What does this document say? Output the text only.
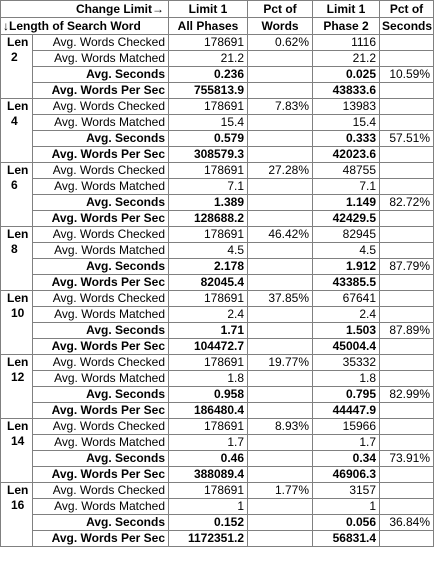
Change Limit→		Limit 1	Pct of	Limit 1	Pct of
↓Length of Search Word		All Phases	Words	Phase 2	Seconds

Len
2	Avg. Words Checked	178691	0.62%	1116	
	Avg. Words Matched	21.2		21.2	
	Avg. Seconds	0.236		0.025	10.59%
	Avg. Words Per Sec	755813.9		43833.6	

Len
4	Avg. Words Checked	178691	7.83%	13983	
	Avg. Words Matched	15.4		15.4	
	Avg. Seconds	0.579		0.333	57.51%
	Avg. Words Per Sec	308579.3		42023.6	

Len
6	Avg. Words Checked	178691	27.28%	48755	
	Avg. Words Matched	7.1		7.1	
	Avg. Seconds	1.389		1.149	82.72%
	Avg. Words Per Sec	128688.2		42429.5	

Len
8	Avg. Words Checked	178691	46.42%	82945	
	Avg. Words Matched	4.5		4.5	
	Avg. Seconds	2.178		1.912	87.79%
	Avg. Words Per Sec	82045.4		43385.5	

Len
10	Avg. Words Checked	178691	37.85%	67641	
	Avg. Words Matched	2.4		2.4	
	Avg. Seconds	1.71		1.503	87.89%
	Avg. Words Per Sec	104472.7		45004.4	

Len
12	Avg. Words Checked	178691	19.77%	35332	
	Avg. Words Matched	1.8		1.8	
	Avg. Seconds	0.958		0.795	82.99%
	Avg. Words Per Sec	186480.4		44447.9	

Len
14	Avg. Words Checked	178691	8.93%	15966	
	Avg. Words Matched	1.7		1.7	
	Avg. Seconds	0.46		0.34	73.91%
	Avg. Words Per Sec	388089.4		46906.3	

Len
16	Avg. Words Checked	178691	1.77%	3157	
	Avg. Words Matched	1		1	
	Avg. Seconds	0.152		0.056	36.84%
	Avg. Words Per Sec	1172351.2		56831.4	
